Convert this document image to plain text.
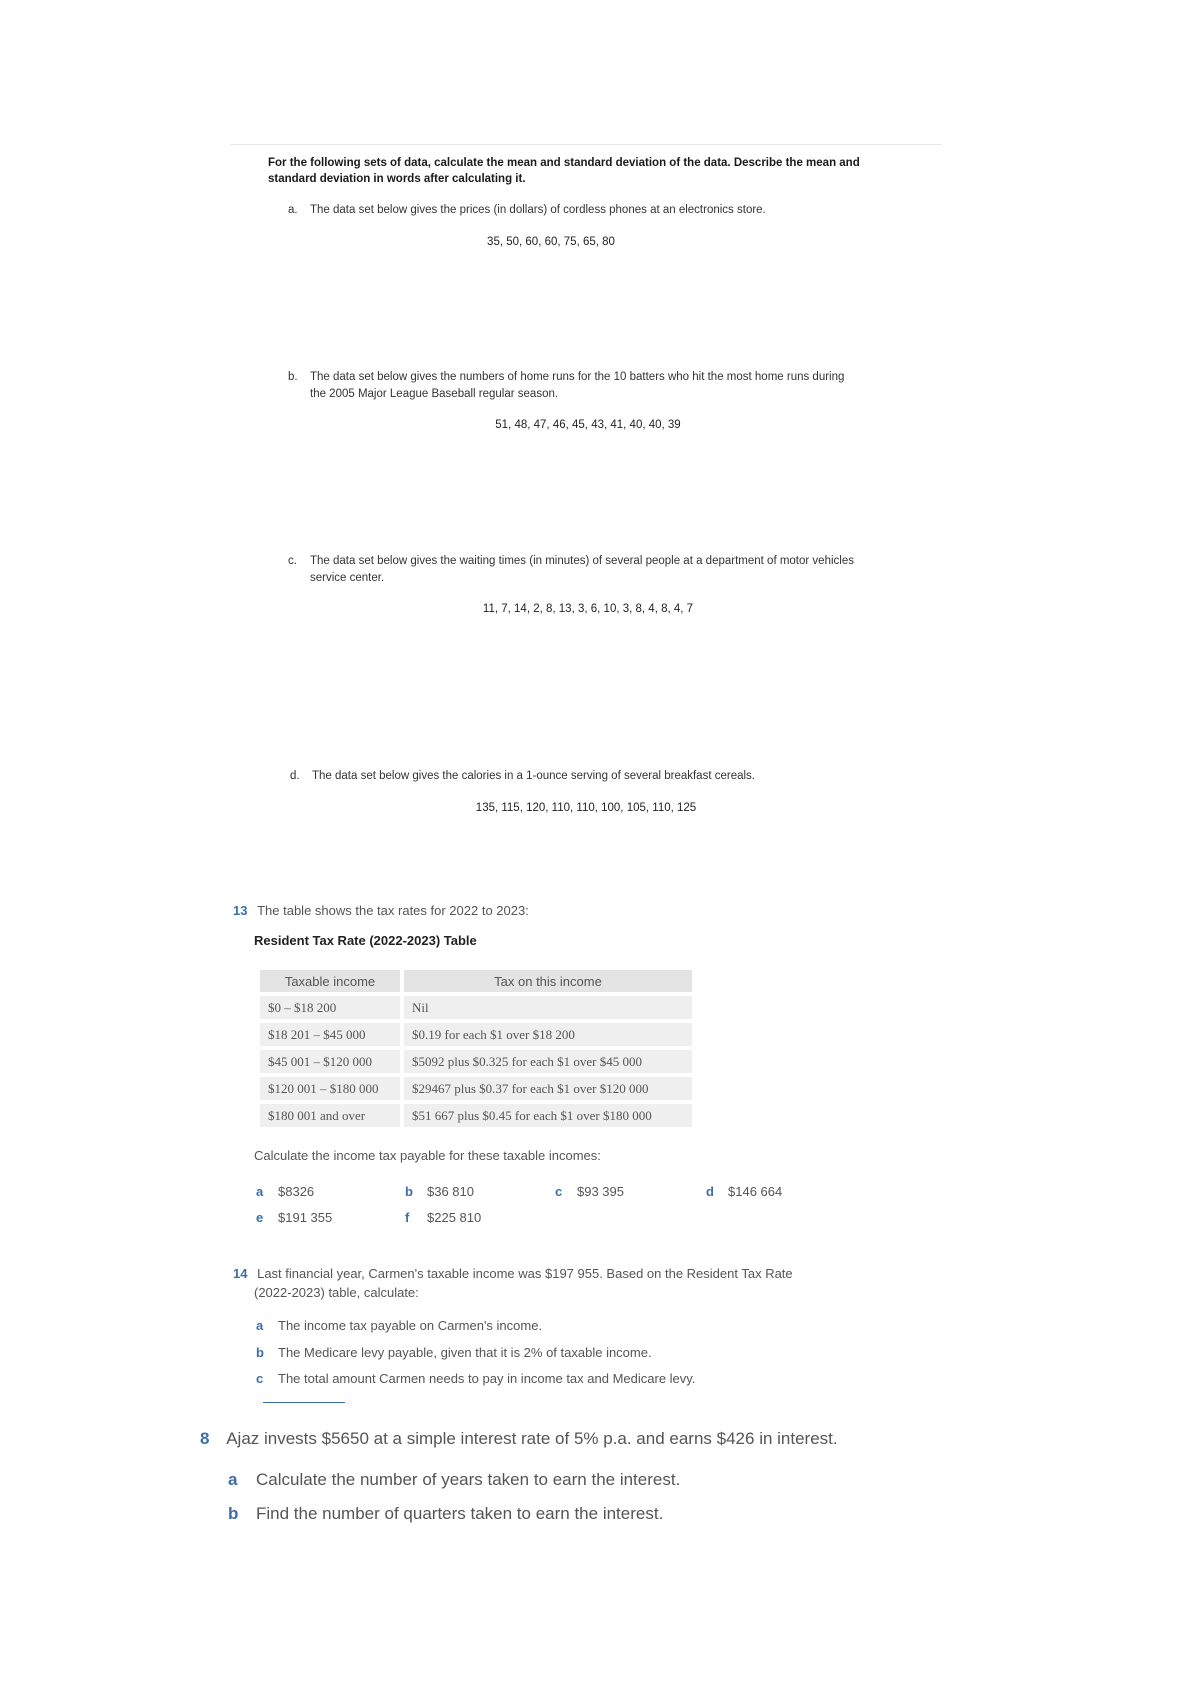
For the following sets of data, calculate the mean and standard deviation of the data. Describe the mean and standard deviation in words after calculating it.
a. The data set below gives the prices (in dollars) of cordless phones at an electronics store.
35, 50, 60, 60, 75, 65, 80
b. The data set below gives the numbers of home runs for the 10 batters who hit the most home runs during
the 2005 Major League Baseball regular season.
51, 48, 47, 46, 45, 43, 41, 40, 40, 39
c. The data set below gives the waiting times (in minutes) of several people at a department of motor vehicles
service center.
11, 7, 14, 2, 8, 13, 3, 6, 10, 3, 8, 4, 8, 4, 7
d. The data set below gives the calories in a 1-ounce serving of several breakfast cereals.
135, 115, 120, 110, 110, 100, 105, 110, 125
13 The table shows the tax rates for 2022 to 2023:
Resident Tax Rate (2022-2023) Table
Taxable income	Tax on this income
$0 – $18 200	Nil
$18 201 – $45 000	$0.19 for each $1 over $18 200
$45 001 – $120 000	$5092 plus $0.325 for each $1 over $45 000
$120 001 – $180 000	$29467 plus $0.37 for each $1 over $120 000
$180 001 and over	$51 667 plus $0.45 for each $1 over $180 000
Calculate the income tax payable for these taxable incomes:
a $8326	b $36 810	c $93 395	d $146 664
e $191 355	f $225 810
14 Last financial year, Carmen's taxable income was $197 955. Based on the Resident Tax Rate
(2022-2023) table, calculate:
a The income tax payable on Carmen's income.
b The Medicare levy payable, given that it is 2% of taxable income.
c The total amount Carmen needs to pay in income tax and Medicare levy.
8 Ajaz invests $5650 at a simple interest rate of 5% p.a. and earns $426 in interest.
a Calculate the number of years taken to earn the interest.
b Find the number of quarters taken to earn the interest.
